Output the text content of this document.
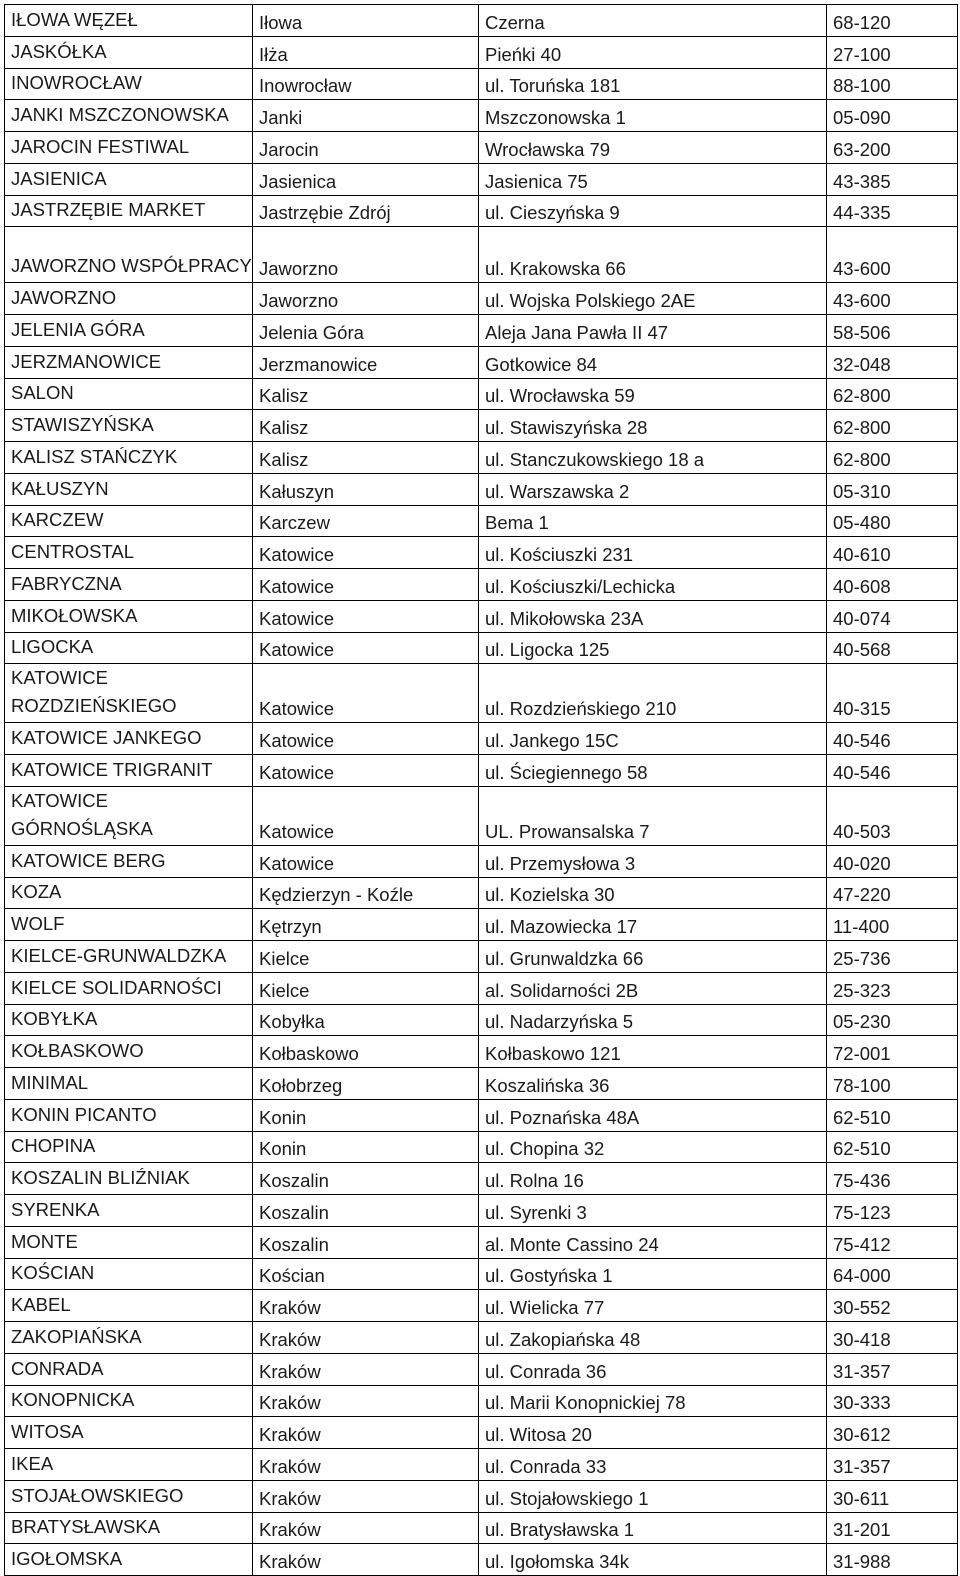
IŁOWA WĘZEŁ	Iłowa	Czerna	68-120
JASKÓŁKA	Iłża	Pieńki 40	27-100
INOWROCŁAW	Inowrocław	ul. Toruńska 181	88-100
JANKI MSZCZONOWSKA	Janki	Mszczonowska 1	05-090
JAROCIN FESTIWAL	Jarocin	Wrocławska 79	63-200
JASIENICA	Jasienica	Jasienica 75	43-385
JASTRZĘBIE MARKET	Jastrzębie Zdrój	ul. Cieszyńska 9	44-335
JAWORZNO WSPÓŁPRACY	Jaworzno	ul. Krakowska 66	43-600
JAWORZNO	Jaworzno	ul. Wojska Polskiego 2AE	43-600
JELENIA GÓRA	Jelenia Góra	Aleja Jana Pawła II 47	58-506
JERZMANOWICE	Jerzmanowice	Gotkowice 84	32-048
SALON	Kalisz	ul. Wrocławska 59	62-800
STAWISZYŃSKA	Kalisz	ul. Stawiszyńska 28	62-800
KALISZ STAŃCZYK	Kalisz	ul. Stanczukowskiego 18 a	62-800
KAŁUSZYN	Kałuszyn	ul. Warszawska 2	05-310
KARCZEW	Karczew	Bema 1	05-480
CENTROSTAL	Katowice	ul. Kościuszki 231	40-610
FABRYCZNA	Katowice	ul. Kościuszki/Lechicka	40-608
MIKOŁOWSKA	Katowice	ul. Mikołowska 23A	40-074
LIGOCKA	Katowice	ul. Ligocka 125	40-568
KATOWICE ROZDZIEŃSKIEGO	Katowice	ul. Rozdzieńskiego 210	40-315
KATOWICE JANKEGO	Katowice	ul. Jankego 15C	40-546
KATOWICE TRIGRANIT	Katowice	ul. Ściegiennego 58	40-546
KATOWICE GÓRNOŚLĄSKA	Katowice	UL. Prowansalska 7	40-503
KATOWICE BERG	Katowice	ul. Przemysłowa 3	40-020
KOZA	Kędzierzyn - Koźle	ul. Kozielska 30	47-220
WOLF	Kętrzyn	ul. Mazowiecka 17	11-400
KIELCE-GRUNWALDZKA	Kielce	ul. Grunwaldzka 66	25-736
KIELCE SOLIDARNOŚCI	Kielce	al. Solidarności 2B	25-323
KOBYŁKA	Kobyłka	ul. Nadarzyńska 5	05-230
KOŁBASKOWO	Kołbaskowo	Kołbaskowo 121	72-001
MINIMAL	Kołobrzeg	Koszalińska 36	78-100
KONIN PICANTO	Konin	ul. Poznańska 48A	62-510
CHOPINA	Konin	ul. Chopina 32	62-510
KOSZALIN BLIŹNIAK	Koszalin	ul. Rolna 16	75-436
SYRENKA	Koszalin	ul. Syrenki 3	75-123
MONTE	Koszalin	al. Monte Cassino 24	75-412
KOŚCIAN	Kościan	ul. Gostyńska 1	64-000
KABEL	Kraków	ul. Wielicka 77	30-552
ZAKOPIAŃSKA	Kraków	ul. Zakopiańska 48	30-418
CONRADA	Kraków	ul. Conrada 36	31-357
KONOPNICKA	Kraków	ul. Marii Konopnickiej 78	30-333
WITOSA	Kraków	ul. Witosa 20	30-612
IKEA	Kraków	ul. Conrada 33	31-357
STOJAŁOWSKIEGO	Kraków	ul. Stojałowskiego 1	30-611
BRATYSŁAWSKA	Kraków	ul. Bratysławska 1	31-201
IGOŁOMSKA	Kraków	ul. Igołomska 34k	31-988
